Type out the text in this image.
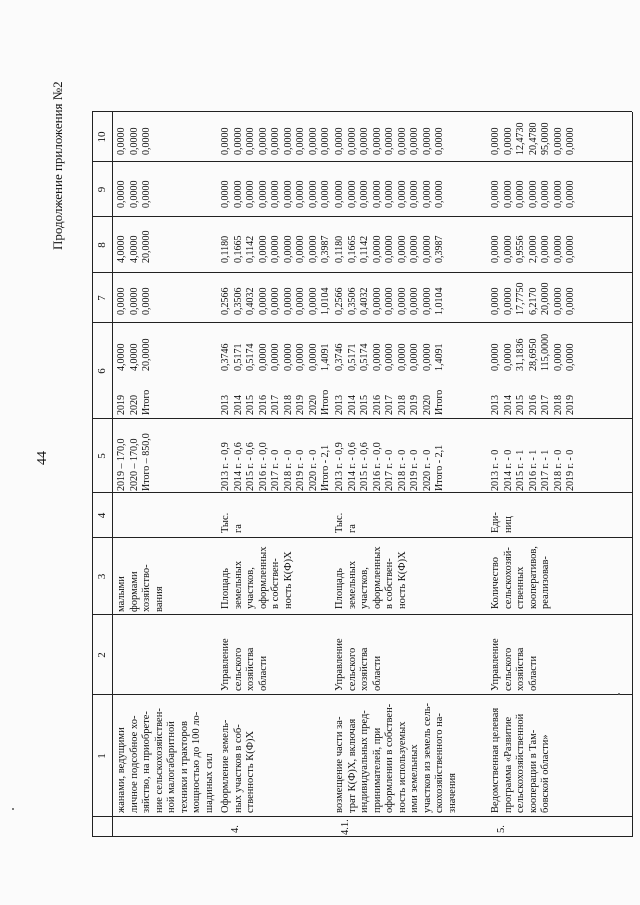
44
Продолжение приложения №2
1
2
3
4
5
6
7
8
9
10
жанами, ведущими
личное подсобное хо-
зяйство, на приобрете-
ние сельскохозяйствен-
ной малогабаритной
техники и тракторов
мощностью до 100 ло-
шадиных сил
малыми
формами
хозяйство-
вания
2019 – 170,0
2020 – 170,0
Итого – 850,0
2019
2020
Итого
4,0000
4,0000
20,0000
0,0000
0,0000
0,0000
4,0000
4,0000
20,0000
0,0000
0,0000
0,0000
0,0000
0,0000
0,0000
4.
Оформление земель-
ных участков в соб-
ственность К(Ф)Х
Управление
сельского
хозяйства
области
Площадь
земельных
участков,
оформленных
в собствен-
ность К(Ф)Х
Тыс.
га
2013 г. - 0,9
2014 г. - 0,6
2015 г. - 0,6
2016 г. - 0,0
2017 г. - 0
2018 г. - 0
2019 г. - 0
2020 г. - 0
Итого - 2,1
2013
2014
2015
2016
2017
2018
2019
2020
Итого
0,3746
0,5171
0,5174
0,0000
0,0000
0,0000
0,0000
0,0000
1,4091
0,2566
0,3506
0,4032
0,0000
0,0000
0,0000
0,0000
0,0000
1,0104
0,1180
0,1665
0,1142
0,0000
0,0000
0,0000
0,0000
0,0000
0,3987
0,0000
0,0000
0,0000
0,0000
0,0000
0,0000
0,0000
0,0000
0,0000
0,0000
0,0000
0,0000
0,0000
0,0000
0,0000
0,0000
0,0000
0,0000
4.1.
возмещение части за-
трат К(Ф)Х, включая
индивидуальных пред-
принимателей, при
оформлении в собствен-
ность используемых
ими земельных
участков из земель сель-
скохозяйственного на-
значения
Управление
сельского
хозяйства
области
Площадь
земельных
участков,
оформленных
в собствен-
ность К(Ф)Х
Тыс.
га
2013 г. - 0,9
2014 г. - 0,6
2015 г. - 0,6
2016 г. - 0,0
2017 г. - 0
2018 г. - 0
2019 г. - 0
2020 г. - 0
Итого - 2,1
2013
2014
2015
2016
2017
2018
2019
2020
Итого
0,3746
0,5171
0,5174
0,0000
0,0000
0,0000
0,0000
0,0000
1,4091
0,2566
0,3506
0,4032
0,0000
0,0000
0,0000
0,0000
0,0000
1,0104
0,1180
0,1665
0,1142
0,0000
0,0000
0,0000
0,0000
0,0000
0,3987
0,0000
0,0000
0,0000
0,0000
0,0000
0,0000
0,0000
0,0000
0,0000
0,0000
0,0000
0,0000
0,0000
0,0000
0,0000
0,0000
0,0000
0,0000
5.
Ведомственная целевая
программа «Развитие
сельскохозяйственной
кооперации в Там-
бовской области»
Управление
сельского
хозяйства
области
Количество
сельскохозяй-
ственных
кооперативов,
реализовав-
Еди-
ниц
2013 г. - 0
2014 г. - 0
2015 г. - 1
2016 г. - 1
2017 г. - 1
2018 г. - 0
2019 г. - 0
2013
2014
2015
2016
2017
2018
2019
0,0000
0,0000
31,1836
28,6950
115,0000
0,0000
0,0000
0,0000
0,0000
17,7750
6,2170
20,0000
0,0000
0,0000
0,0000
0,0000
0,9556
2,0000
0,0000
0,0000
0,0000
0,0000
0,0000
0,0000
0,0000
0,0000
0,0000
0,0000
0,0000
0,0000
12,4730
20,4780
95,0000
0,0000
0,0000
